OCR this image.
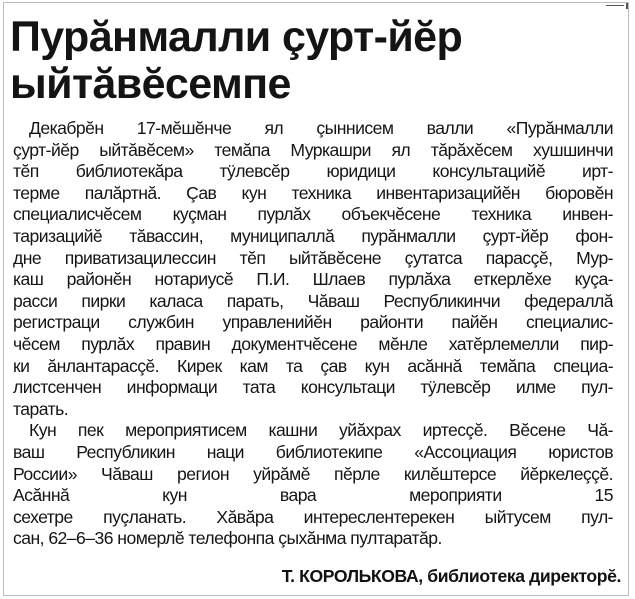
Пурăнмалли çурт-йĕр
ыйтăвĕсемпе
Декабрĕн 17-мĕшĕнче ял çыннисем валли «Пурăнмалли
çурт-йĕр ыйтăвĕсем» темăпа Муркашри ял тăрăхĕсем хушшинчи
тĕп библиотекăра тÿлевсĕр юридици консультацийĕ ирт-
терме палăртнă. Çав кун техника инвентаризацийĕн бюровĕн
специалисчĕсем куçман пурлăх объекчĕсене техника инвен-
таризацийĕ тăвассин, муниципаллă пурăнмалли çурт-йĕр фон-
дне приватизацилессин тĕп ыйтăвĕсене çутатса парасçĕ, Мур-
каш районĕн нотариусĕ П.И. Шлаев пурлăха еткерлĕхе куçа-
расси пирки каласа парать, Чăваш Республикинчи федераллă
регистраци службин управленийĕн районти пайĕн специалис-
чĕсем пурлăх правин документчĕсене мĕнле хатĕрлемелли пир-
ки ăнлантарасçĕ. Кирек кам та çав кун асăннă темăпа специа-
листсенчен информаци тата консультаци тÿлевсĕр илме пул-
тарать.
Кун пек мероприятисем кашни уйăхрах иртесçĕ. Вĕсене Чă-
ваш Республикин наци библиотекипе «Ассоциация юристов
России» Чăваш регион уйрăмĕ пĕрле килĕштерсе йĕркелеççĕ.
Асăннă кун вара мероприяти 15
сехетре пуçланать. Хăвăра интереслентерекен ыйтусем пул-
сан, 62–6–36 номерлĕ телефонпа çыхăнма пултаратăр.
Т. КОРОЛЬКОВА, библиотека директорĕ.
